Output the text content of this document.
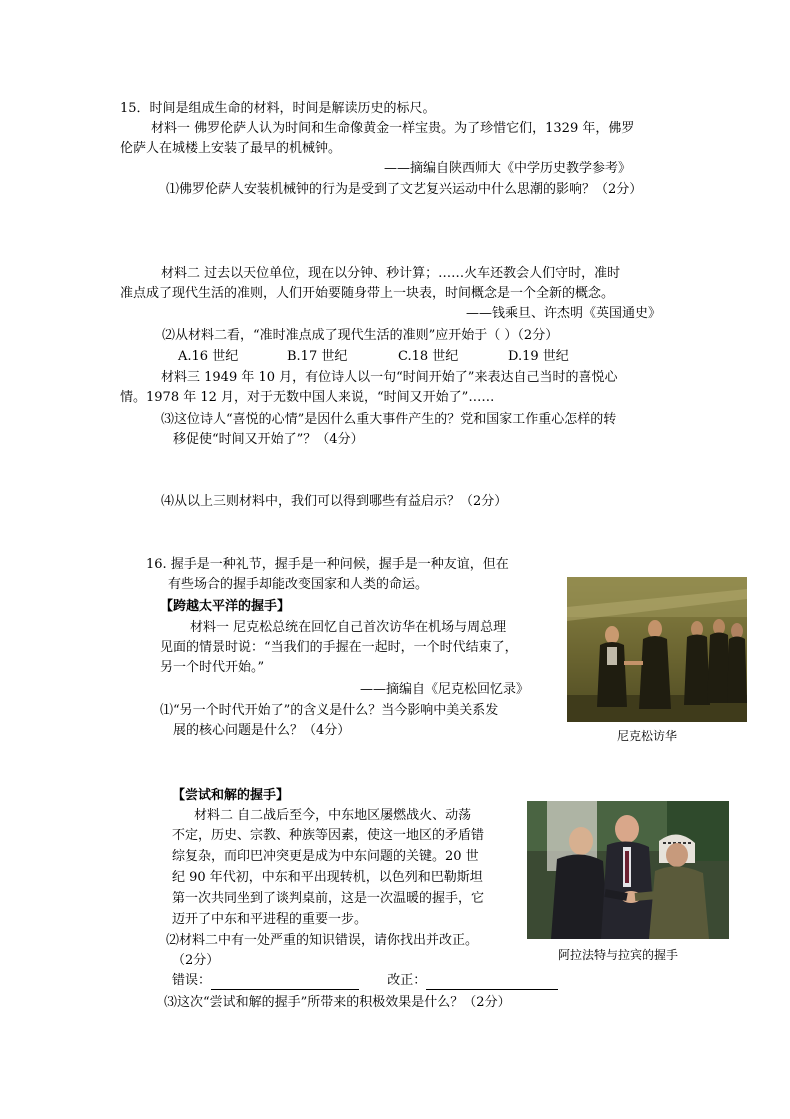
15．时间是组成生命的材料，时间是解读历史的标尺。
材料一 佛罗伦萨人认为时间和生命像黄金一样宝贵。为了珍惜它们，1329 年，佛罗
伦萨人在城楼上安装了最早的机械钟。
——摘编自陕西师大《中学历史教学参考》
⑴佛罗伦萨人安装机械钟的行为是受到了文艺复兴运动中什么思潮的影响？（2分）
材料二 过去以天位单位，现在以分钟、秒计算；……火车还教会人们守时，准时
准点成了现代生活的准则，人们开始要随身带上一块表，时间概念是一个全新的概念。
——钱乘旦、许杰明《英国通史》
⑵从材料二看，“准时准点成了现代生活的准则”应开始于（ ）（2分）
A.16 世纪	B.17 世纪	C.18 世纪	D.19 世纪
材料三 1949 年 10 月，有位诗人以一句“时间开始了”来表达自己当时的喜悦心
情。1978 年 12 月，对于无数中国人来说，“时间又开始了”……
⑶这位诗人“喜悦的心情”是因什么重大事件产生的？党和国家工作重心怎样的转
移促使“时间又开始了”？（4分）
⑷从以上三则材料中，我们可以得到哪些有益启示？（2分）
16. 握手是一种礼节，握手是一种问候，握手是一种友谊，但在
有些场合的握手却能改变国家和人类的命运。
【跨越太平洋的握手】
材料一 尼克松总统在回忆自己首次访华在机场与周总理
见面的情景时说：“当我们的手握在一起时，一个时代结束了，
另一个时代开始。”
——摘编自《尼克松回忆录》
⑴“另一个时代开始了”的含义是什么？当今影响中美关系发
展的核心问题是什么？（4分）	尼克松访华
【尝试和解的握手】
材料二 自二战后至今，中东地区屡燃战火、动荡
不定，历史、宗教、种族等因素，使这一地区的矛盾错
综复杂，而印巴冲突更是成为中东问题的关键。20 世
纪 90 年代初，中东和平出现转机，以色列和巴勒斯坦
第一次共同坐到了谈判桌前，这是一次温暖的握手，它
迈开了中东和平进程的重要一步。
⑵材料二中有一处严重的知识错误，请你找出并改正。
（2分）
错误：	改正：
⑶这次“尝试和解的握手”所带来的积极效果是什么？（2分）
阿拉法特与拉宾的握手
